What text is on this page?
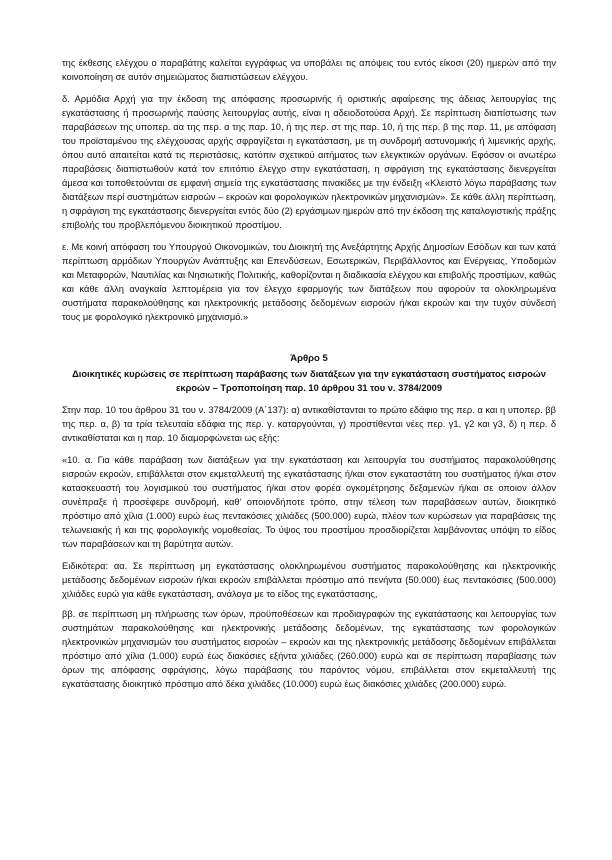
της έκθεσης ελέγχου ο παραβάτης καλείται εγγράφως να υποβάλει τις απόψεις του εντός είκοσι (20) ημερών από την κοινοποίηση σε αυτόν σημειώματος διαπιστώσεων ελέγχου.

δ. Αρμόδια Αρχή για την έκδοση της απόφασης προσωρινής ή οριστικής αφαίρεσης της άδειας λειτουργίας της εγκατάστασης ή προσωρινής παύσης λειτουργίας αυτής, είναι η αδειοδοτούσα Αρχή. Σε περίπτωση διαπίστωσης των παραβάσεων της υποπερ. αα της περ. α της παρ. 10, ή της περ. στ της παρ. 10, ή της περ. β της παρ. 11, με απόφαση του προϊσταμένου της ελέγχουσας αρχής σφραγίζεται η εγκατάσταση, με τη συνδρομή αστυνομικής ή λιμενικής αρχής, όπου αυτό απαιτείται κατά τις περιστάσεις, κατόπιν σχετικού αιτήματος των ελεγκτικών οργάνων. Εφόσον οι ανωτέρω παραβάσεις διαπιστωθούν κατά τον επιτόπιο έλεγχο στην εγκατάσταση, η σφράγιση της εγκατάστασης διενεργείται άμεσα και τοποθετούνται σε εμφανή σημεία της εγκατάστασης πινακίδες με την ένδειξη «Κλειστό λόγω παράβασης των διατάξεων περί συστημάτων εισροών – εκροών και φορολογικών ηλεκτρονικών μηχανισμών». Σε κάθε άλλη περίπτωση, η σφράγιση της εγκατάστασης διενεργείται εντός δύο (2) εργάσιμων ημερών από την έκδοση της καταλογιστικής πράξης επιβολής του προβλεπόμενου διοικητικού προστίμου.

ε. Με κοινή απόφαση του Υπουργού Οικονομικών, του Διοικητή της Ανεξάρτητης Αρχής Δημοσίων Εσόδων και των κατά περίπτωση αρμόδιων Υπουργών Ανάπτυξης και Επενδύσεων, Εσωτερικών, Περιβάλλοντος και Ενέργειας, Υποδομών και Μεταφορών, Ναυτιλίας και Νησιωτικής Πολιτικής, καθορίζονται η διαδικασία ελέγχου και επιβολής προστίμων, καθώς και κάθε άλλη αναγκαία λεπτομέρεια για τον έλεγχο εφαρμογής των διατάξεων που αφορούν τα ολοκληρωμένα συστήματα παρακολούθησης και ηλεκτρονικής μετάδοσης δεδομένων εισροών ή/και εκροών και την τυχόν σύνδεσή τους με φορολογικό ηλεκτρονικό μηχανισμό.»

Άρθρο 5
Διοικητικές κυρώσεις σε περίπτωση παράβασης των διατάξεων για την εγκατάσταση συστήματος εισροών εκροών – Τροποποίηση παρ. 10 άρθρου 31 του ν. 3784/2009

Στην παρ. 10 του άρθρου 31 του ν. 3784/2009 (Α΄137): α) αντικαθίστανται το πρώτο εδάφιο της περ. α και η υποπερ. ββ της περ. α, β) τα τρία τελευταία εδάφια της περ. γ. καταργούνται, γ) προστίθενται νέες περ. γ1, γ2 και γ3, δ) η περ. δ αντικαθίσταται και η παρ. 10 διαμορφώνεται ως εξής:

«10. α. Για κάθε παράβαση των διατάξεων για την εγκατάσταση και λειτουργία του συστήματος παρακολούθησης εισροών εκροών, επιβάλλεται στον εκμεταλλευτή της εγκατάστασης ή/και στον εγκαταστάτη του συστήματος ή/και στον κατασκευαστή του λογισμικού του συστήματος ή/και στον φορέα ογκομέτρησης δεξαμενών ή/και σε οποιον άλλον συνέπραξε ή προσέφερε συνδρομή, καθ’ οποιονδήποτε τρόπο, στην τέλεση των παραβάσεων αυτών, διοικητικό πρόστιμο από χίλια (1.000) ευρώ έως πεντακόσιες χιλιάδες (500.000) ευρώ, πλέον των κυρώσεων για παραβάσεις της τελωνειακής ή και της φορολογικής νομοθεσίας. Το ύψος του προστίμου προσδιορίζεται λαμβάνοντας υπόψη το είδος των παραβάσεων και τη βαρύτητα αυτών.

Ειδικότερα: αα. Σε περίπτωση μη εγκατάστασης ολοκληρωμένου συστήματος παρακολούθησης και ηλεκτρονικής μετάδοσης δεδομένων εισροών ή/και εκροών επιβάλλεται πρόστιμο από πενήντα (50.000) έως πεντακόσιες (500.000) χιλιάδες ευρώ για κάθε εγκατάσταση, ανάλογα με το είδος της εγκατάστασης,

ββ. σε περίπτωση μη πλήρωσης των όρων, προϋποθέσεων και προδιαγραφών της εγκατάστασης και λειτουργίας των συστημάτων παρακολούθησης και ηλεκτρονικής μετάδοσης δεδομένων, της εγκατάστασης των φορολογικών ηλεκτρονικών μηχανισμών του συστήματος εισροών – εκροών και της ηλεκτρονικής μετάδοσης δεδομένων επιβάλλεται πρόστιμο από χίλια (1.000) ευρώ έως διακόσιες εξήντα χιλιάδες (260.000) ευρώ και σε περίπτωση παραβίασης των όρων της απόφασης σφράγισης, λόγω παράβασης του παρόντος νόμου, επιβάλλεται στον εκμεταλλευτή της εγκατάστασης διοικητικό πρόστιμο από δέκα χιλιάδες (10.000) ευρώ έως διακόσιες χιλιάδες (200.000) ευρώ.
